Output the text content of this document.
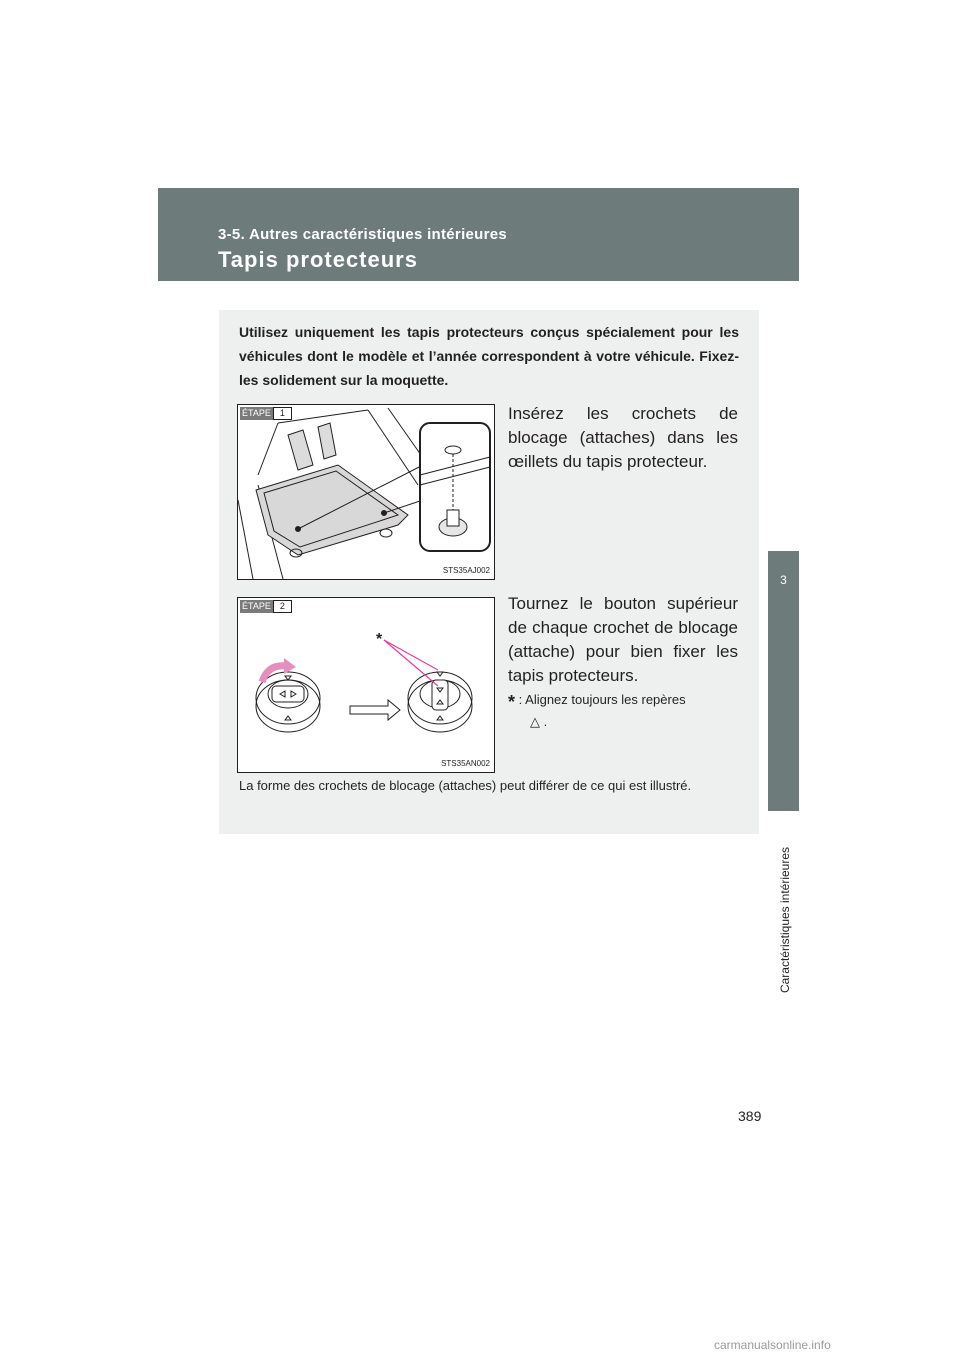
3-5. Autres caractéristiques intérieures
Tapis protecteurs
3
Caractéristiques intérieures
Utilisez uniquement les tapis protecteurs conçus spécialement pour les véhicules dont le modèle et l’année correspondent à votre véhicule. Fixez-les solidement sur la moquette.
ÉTAPE	1
STS35AJ002
Insérez les crochets de blocage (attaches) dans les œillets du tapis protecteur.
*
ÉTAPE	2
STS35AN002
Tournez le bouton supérieur de chaque crochet de blocage (attache) pour bien fixer les tapis protecteurs.
* : Alignez toujours les repères
△ .
La forme des crochets de blocage (attaches) peut différer de ce qui est illustré.
389
carmanualsonline.info
